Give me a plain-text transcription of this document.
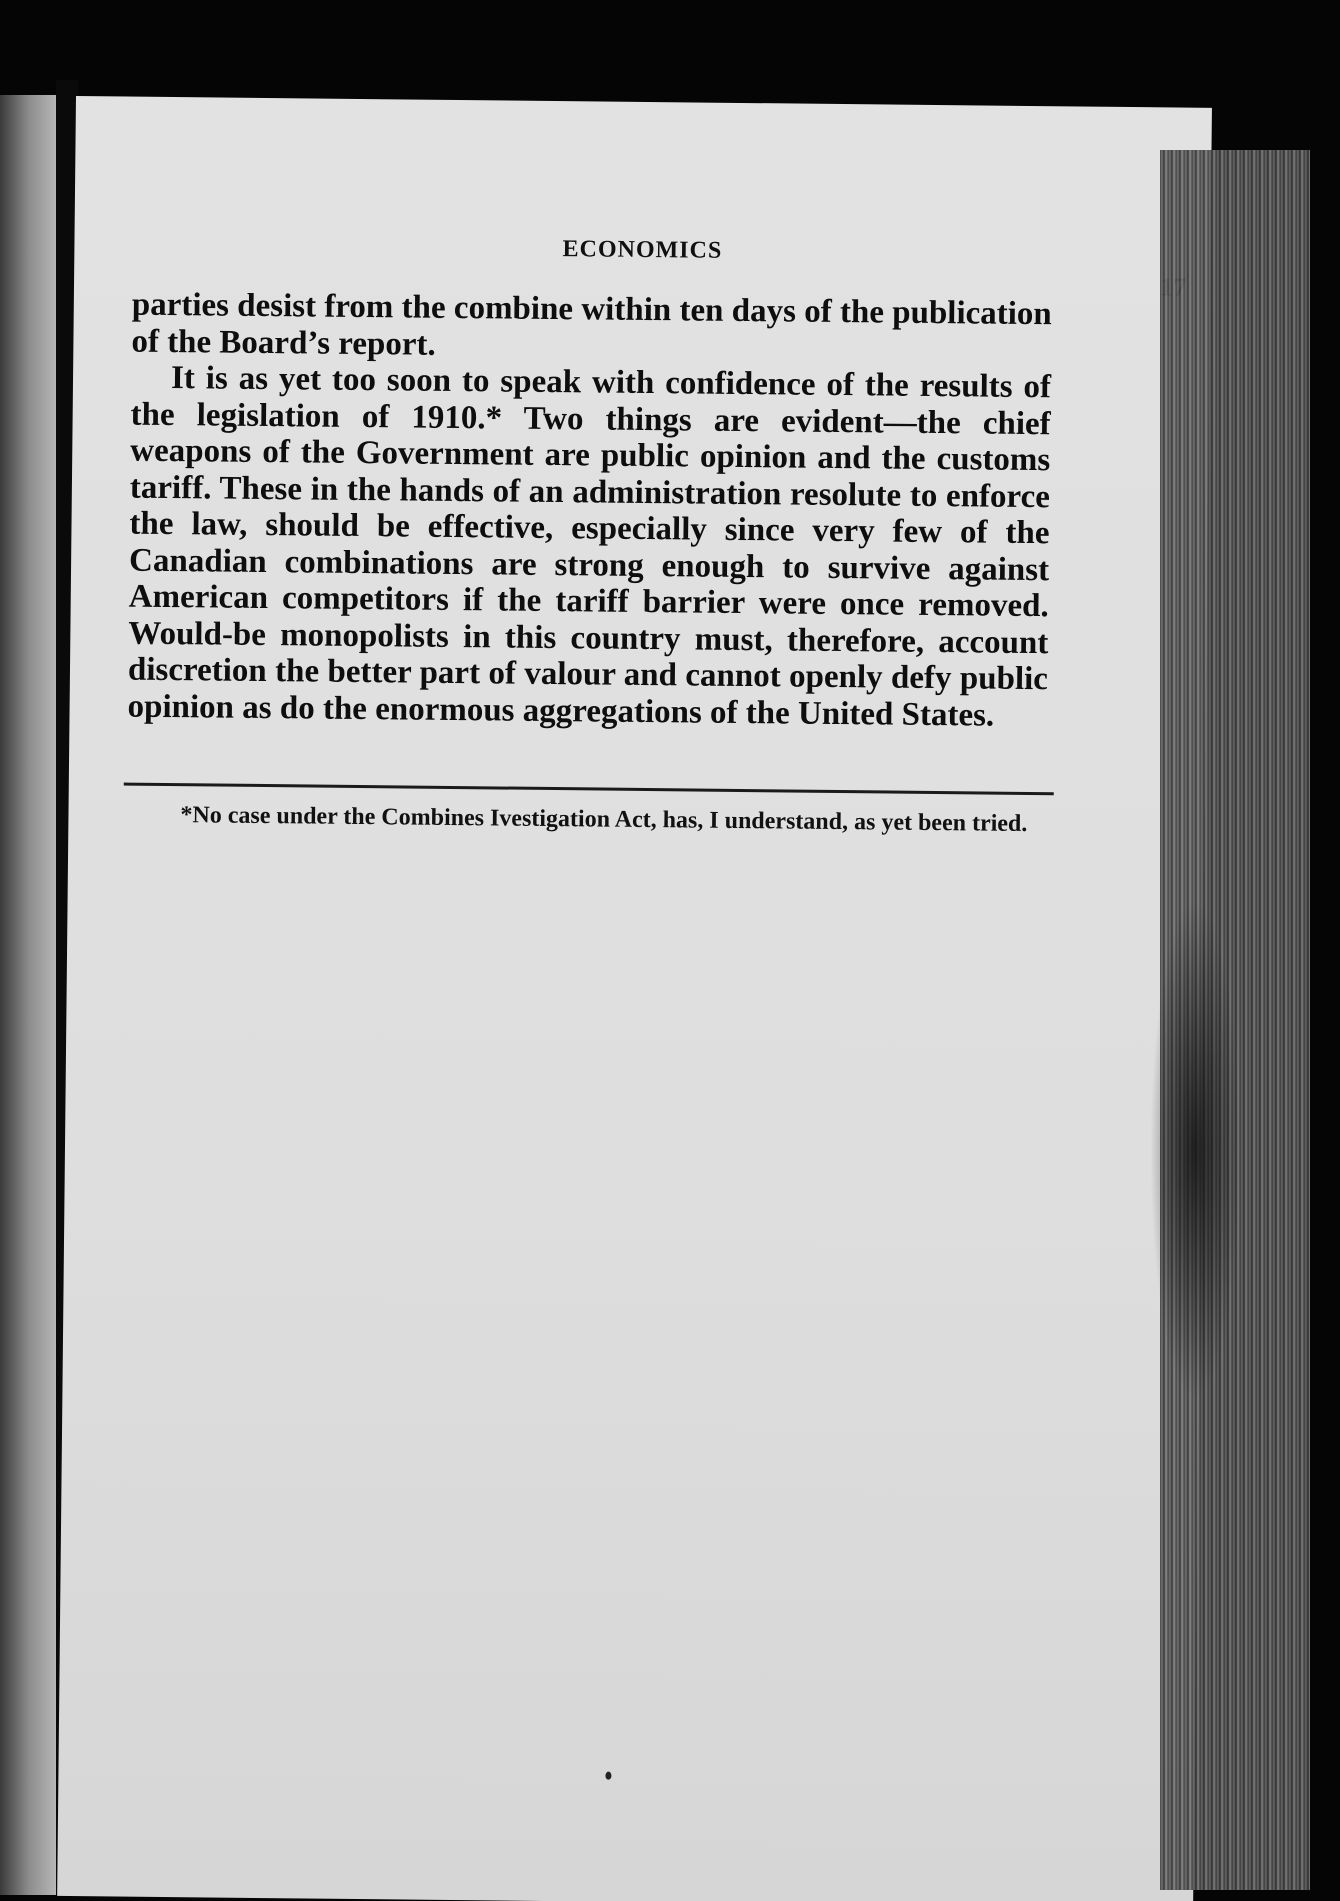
ECONOMICS

parties desist from the combine within ten days of the publication of the Board’s report.

It is as yet too soon to speak with confidence of the results of the legislation of 1910.* Two things are evident—the chief weapons of the Government are public opinion and the customs tariff. These in the hands of an administration resolute to enforce the law, should be effective, especially since very few of the Canadian combinations are strong enough to survive against American competitors if the tariff barrier were once removed. Would-be monopolists in this country must, therefore, account discretion the better part of valour and cannot openly defy public opinion as do the enormous aggregations of the United States.

*No case under the Combines Ivestigation Act, has, I understand, as yet been tried.
